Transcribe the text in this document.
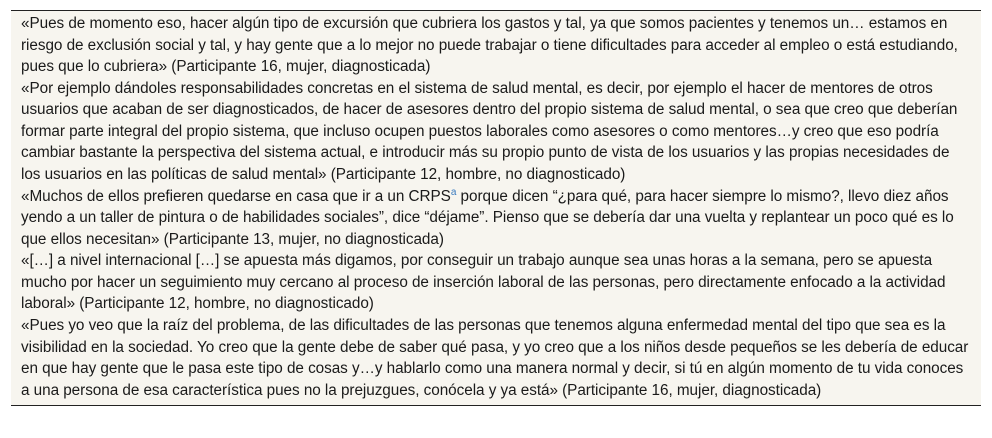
«Pues de momento eso, hacer algún tipo de excursión que cubriera los gastos y tal, ya que somos pacientes y tenemos un… estamos en riesgo de exclusión social y tal, y hay gente que a lo mejor no puede trabajar o tiene dificultades para acceder al empleo o está estudiando, pues que lo cubriera» (Participante 16, mujer, diagnosticada)

«Por ejemplo dándoles responsabilidades concretas en el sistema de salud mental, es decir, por ejemplo el hacer de mentores de otros usuarios que acaban de ser diagnosticados, de hacer de asesores dentro del propio sistema de salud mental, o sea que creo que deberían formar parte integral del propio sistema, que incluso ocupen puestos laborales como asesores o como mentores…y creo que eso podría cambiar bastante la perspectiva del sistema actual, e introducir más su propio punto de vista de los usuarios y las propias necesidades de los usuarios en las políticas de salud mental» (Participante 12, hombre, no diagnosticado)

«Muchos de ellos prefieren quedarse en casa que ir a un CRPS$^a$ porque dicen “¿para qué, para hacer siempre lo mismo?, llevo diez años yendo a un taller de pintura o de habilidades sociales”, dice “déjame”. Pienso que se debería dar una vuelta y replantear un poco qué es lo que ellos necesitan» (Participante 13, mujer, no diagnosticada)

«[…] a nivel internacional […] se apuesta más digamos, por conseguir un trabajo aunque sea unas horas a la semana, pero se apuesta mucho por hacer un seguimiento muy cercano al proceso de inserción laboral de las personas, pero directamente enfocado a la actividad laboral» (Participante 12, hombre, no diagnosticado)

«Pues yo veo que la raíz del problema, de las dificultades de las personas que tenemos alguna enfermedad mental del tipo que sea es la visibilidad en la sociedad. Yo creo que la gente debe de saber qué pasa, y yo creo que a los niños desde pequeños se les debería de educar en que hay gente que le pasa este tipo de cosas y…y hablarlo como una manera normal y decir, si tú en algún momento de tu vida conoces a una persona de esa característica pues no la prejuzgues, conócela y ya está» (Participante 16, mujer, diagnosticada)
